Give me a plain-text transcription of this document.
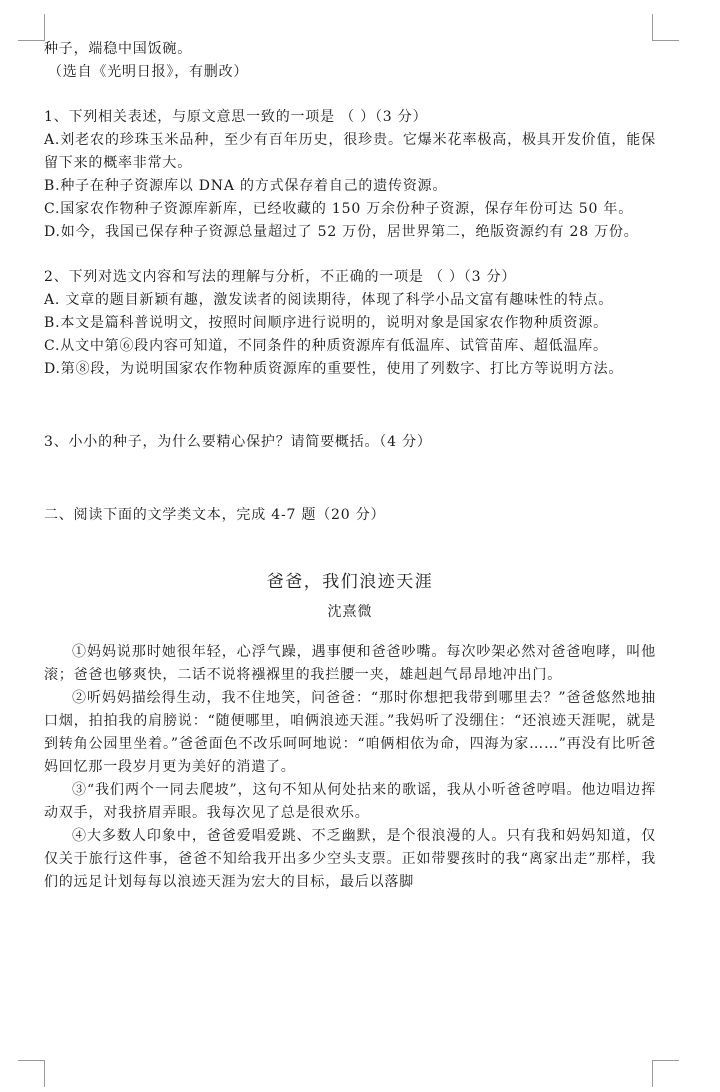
种子，端稳中国饭碗。
（选自《光明日报》，有删改）
1、下列相关表述，与原文意思一致的一项是 （ ）（3 分）
A.刘老农的珍珠玉米品种，至少有百年历史，很珍贵。它爆米花率极高，极具开发价值，能保留下来的概率非常大。
B.种子在种子资源库以 DNA 的方式保存着自己的遗传资源。
C.国家农作物种子资源库新库，已经收藏的 150 万余份种子资源，保存年份可达 50 年。
D.如今，我国已保存种子资源总量超过了 52 万份，居世界第二，绝版资源约有 28 万份。
2、下列对选文内容和写法的理解与分析，不正确的一项是 （ ）（3 分）
A. 文章的题目新颖有趣，激发读者的阅读期待，体现了科学小品文富有趣味性的特点。
B.本文是篇科普说明文，按照时间顺序进行说明的，说明对象是国家农作物种质资源。
C.从文中第⑥段内容可知道，不同条件的种质资源库有低温库、试管苗库、超低温库。
D.第⑧段，为说明国家农作物种质资源库的重要性，使用了列数字、打比方等说明方法。
3、小小的种子，为什么要精心保护？请简要概括。（4 分）
二、阅读下面的文学类文本，完成 4-7 题（20 分）
爸爸，我们浪迹天涯
沈熹微
①妈妈说那时她很年轻，心浮气躁，遇事便和爸爸吵嘴。每次吵架必然对爸爸咆哮，叫他滚；爸爸也够爽快，二话不说将襁褓里的我拦腰一夹，雄赳赳气昂昂地冲出门。
②听妈妈描绘得生动，我不住地笑，问爸爸：“那时你想把我带到哪里去？”爸爸悠然地抽口烟，拍拍我的肩膀说：“随便哪里，咱俩浪迹天涯。”我妈听了没绷住：“还浪迹天涯呢，就是到转角公园里坐着。”爸爸面色不改乐呵呵地说：“咱俩相依为命，四海为家……”再没有比听爸妈回忆那一段岁月更为美好的消遣了。
③“我们两个一同去爬坡”，这句不知从何处拈来的歌谣，我从小听爸爸哼唱。他边唱边挥动双手，对我挤眉弄眼。我每次见了总是很欢乐。
④大多数人印象中，爸爸爱唱爱跳、不乏幽默，是个很浪漫的人。只有我和妈妈知道，仅仅关于旅行这件事，爸爸不知给我开出多少空头支票。正如带婴孩时的我“离家出走”那样，我们的远足计划每每以浪迹天涯为宏大的目标，最后以落脚
